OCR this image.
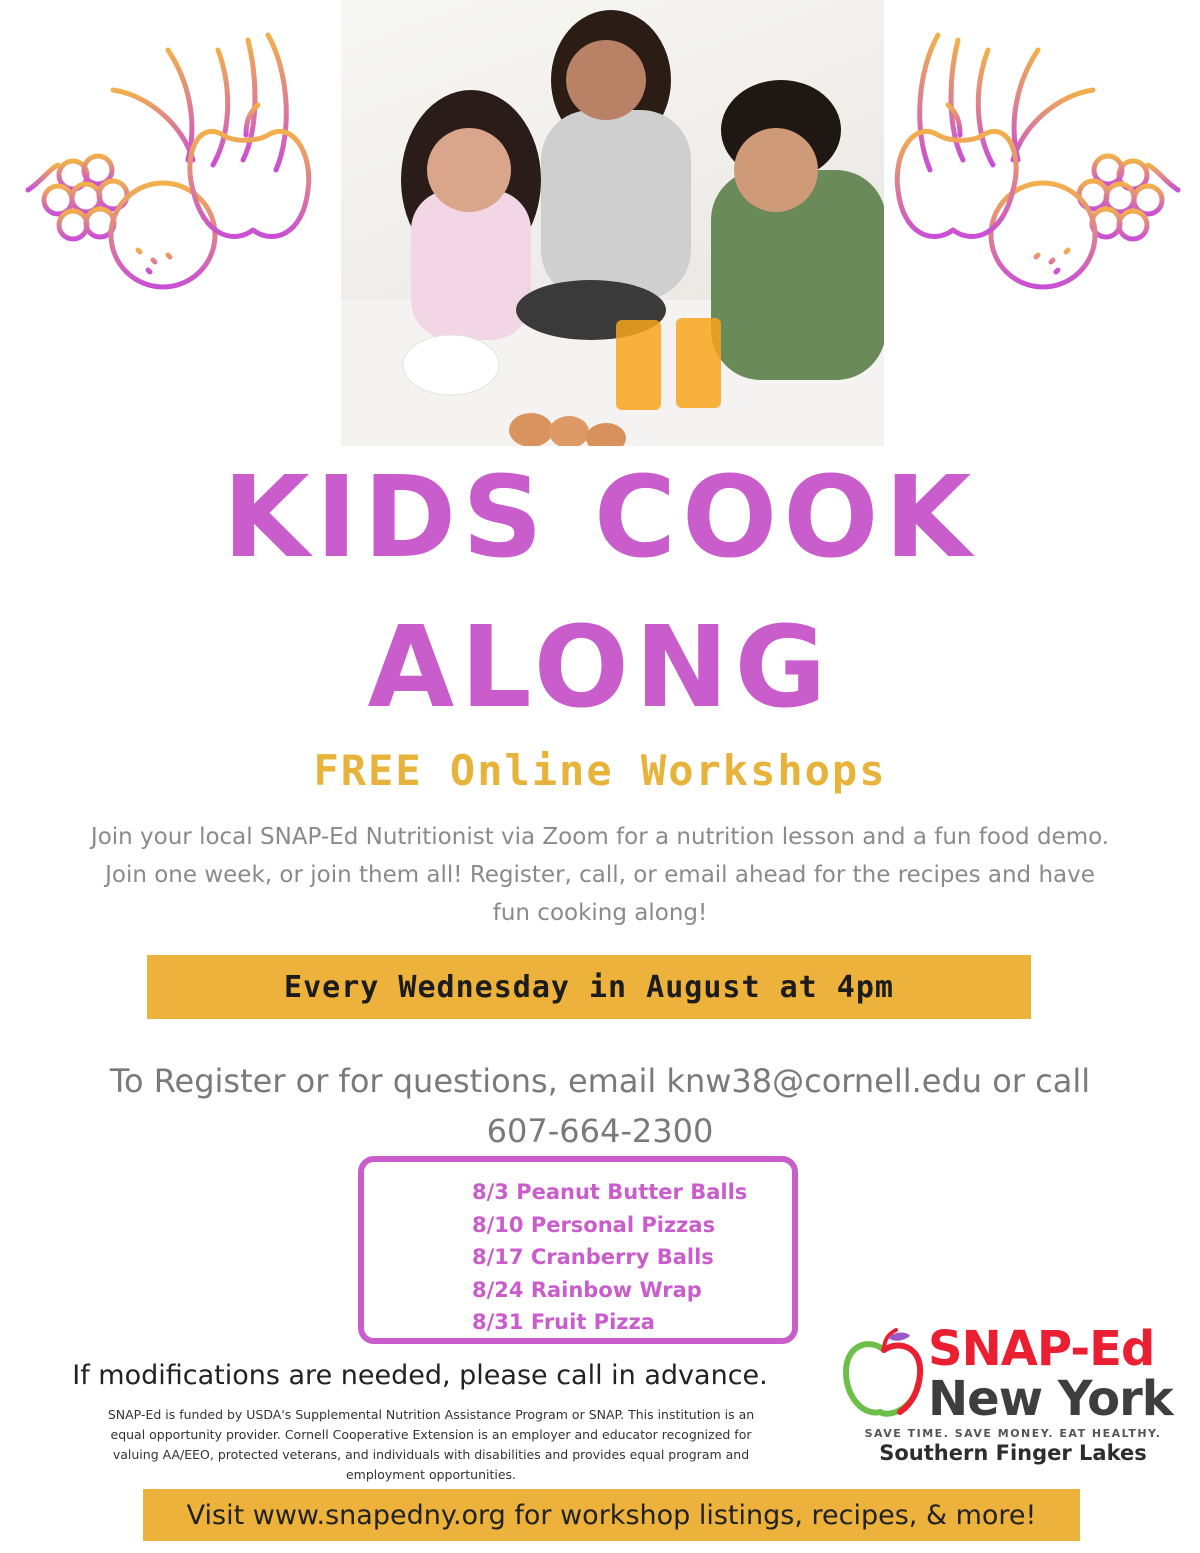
KIDS COOK
ALONG
FREE Online Workshops
Join your local SNAP-Ed Nutritionist via Zoom for a nutrition lesson and a fun food demo.
Join one week, or join them all! Register, call, or email ahead for the recipes and have
fun cooking along!
Every Wednesday in August at 4pm
To Register or for questions, email knw38@cornell.edu or call
607-664-2300
8/3 Peanut Butter Balls
8/10 Personal Pizzas
8/17 Cranberry Balls
8/24 Rainbow Wrap
8/31 Fruit Pizza
If modifications are needed, please call in advance.
SNAP-Ed is funded by USDA's Supplemental Nutrition Assistance Program or SNAP. This institution is an
equal opportunity provider. Cornell Cooperative Extension is an employer and educator recognized for
valuing AA/EEO, protected veterans, and individuals with disabilities and provides equal program and
employment opportunities.
SNAP-Ed
New York
SAVE TIME. SAVE MONEY. EAT HEALTHY.
Southern Finger Lakes
Visit www.snapedny.org for workshop listings, recipes, & more!
